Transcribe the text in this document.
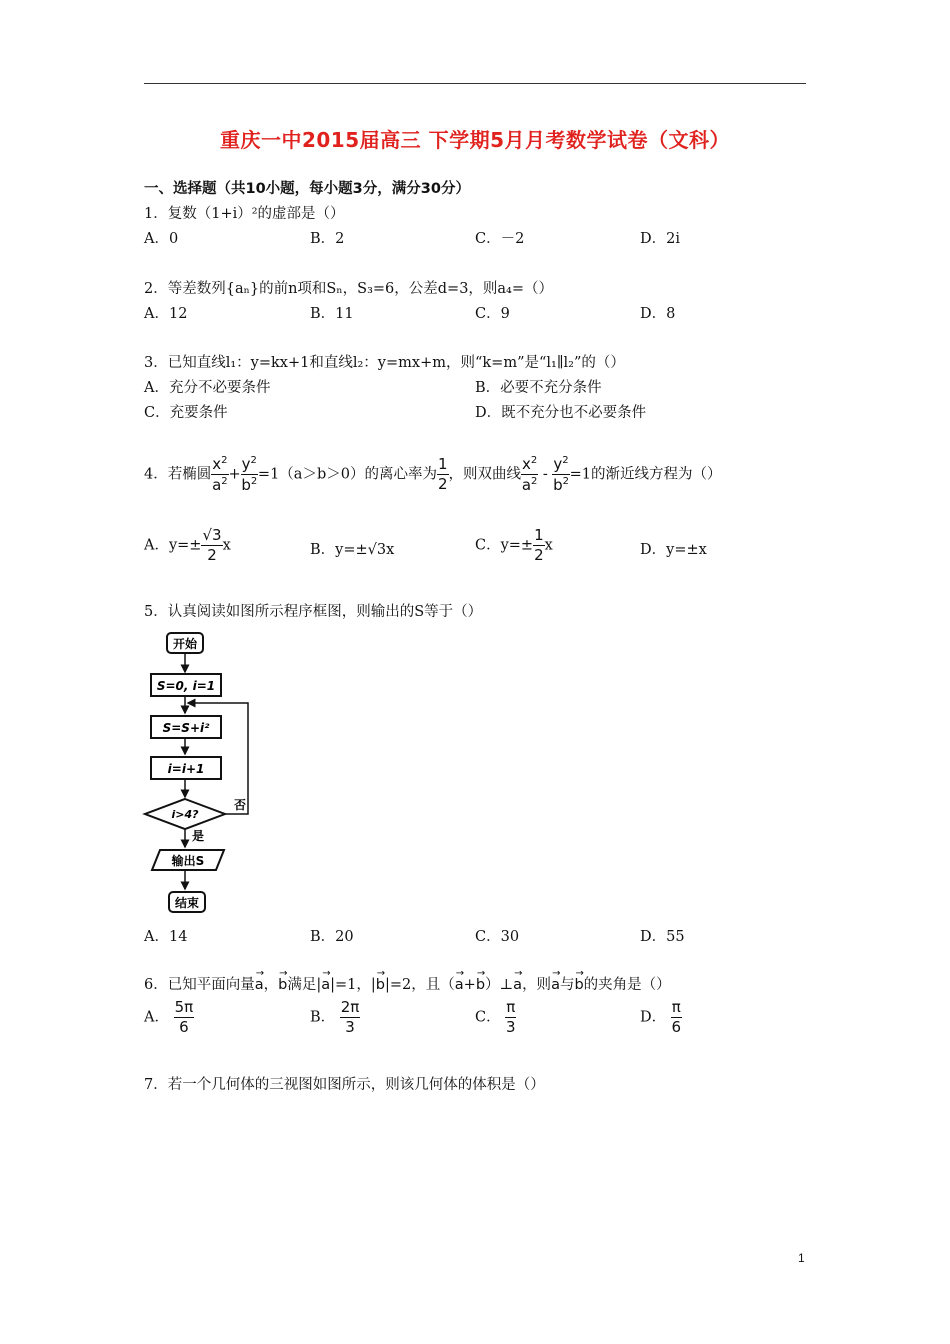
重庆一中2015届高三 下学期5月月考数学试卷（文科）
一、选择题（共10小题，每小题3分，满分30分）
1．复数（1+i）²的虚部是（）
A．0	B．2	C．－2	D．2i
2．等差数列{aₙ}的前n项和Sₙ，S₃=6，公差d=3，则a₄=（）
A．12	B．11	C．9	D．8
3．已知直线l₁：y=kx+1和直线l₂：y=mx+m，则“k=m”是“l₁∥l₂”的（）
A．充分不必要条件	B．必要不充分条件
C．充要条件	D．既不充分也不必要条件
4．若椭圆 $\frac{x^2}{a^2} + \frac{y^2}{b^2} =1(a>b>0)$的离心率为 $\frac{1}{2}$ ，则双曲线 $\frac{x^2}{a^2} - \frac{y^2}{b^2} =1$的渐近线方程为（）
A．$y=\pm \frac{√3}{2}$ x	B．y=±√3x	C．$y=\pm \frac{1}{2}$ x	D．y=±x
5．认真阅读如图所示程序框图，则输出的S等于（）
开始
S=0, i=1
S=S+i²
i=i+1
i>4?
否
是
输出S
结束
A．14	B．20	C．30	D．55
6．已知平面向量→ a，→ b满足|→ a|=1，|→ b|=2，且（→ a+→ b）⊥→ a，则→ a与→ b的夹角是（）
A． $\frac{5\pi}{6}$	B． $\frac{2\pi}{3}$	C． $\frac{\pi}{3}$	D． $\frac{\pi}{6}$
7．若一个几何体的三视图如图所示，则该几何体的体积是（）
1
